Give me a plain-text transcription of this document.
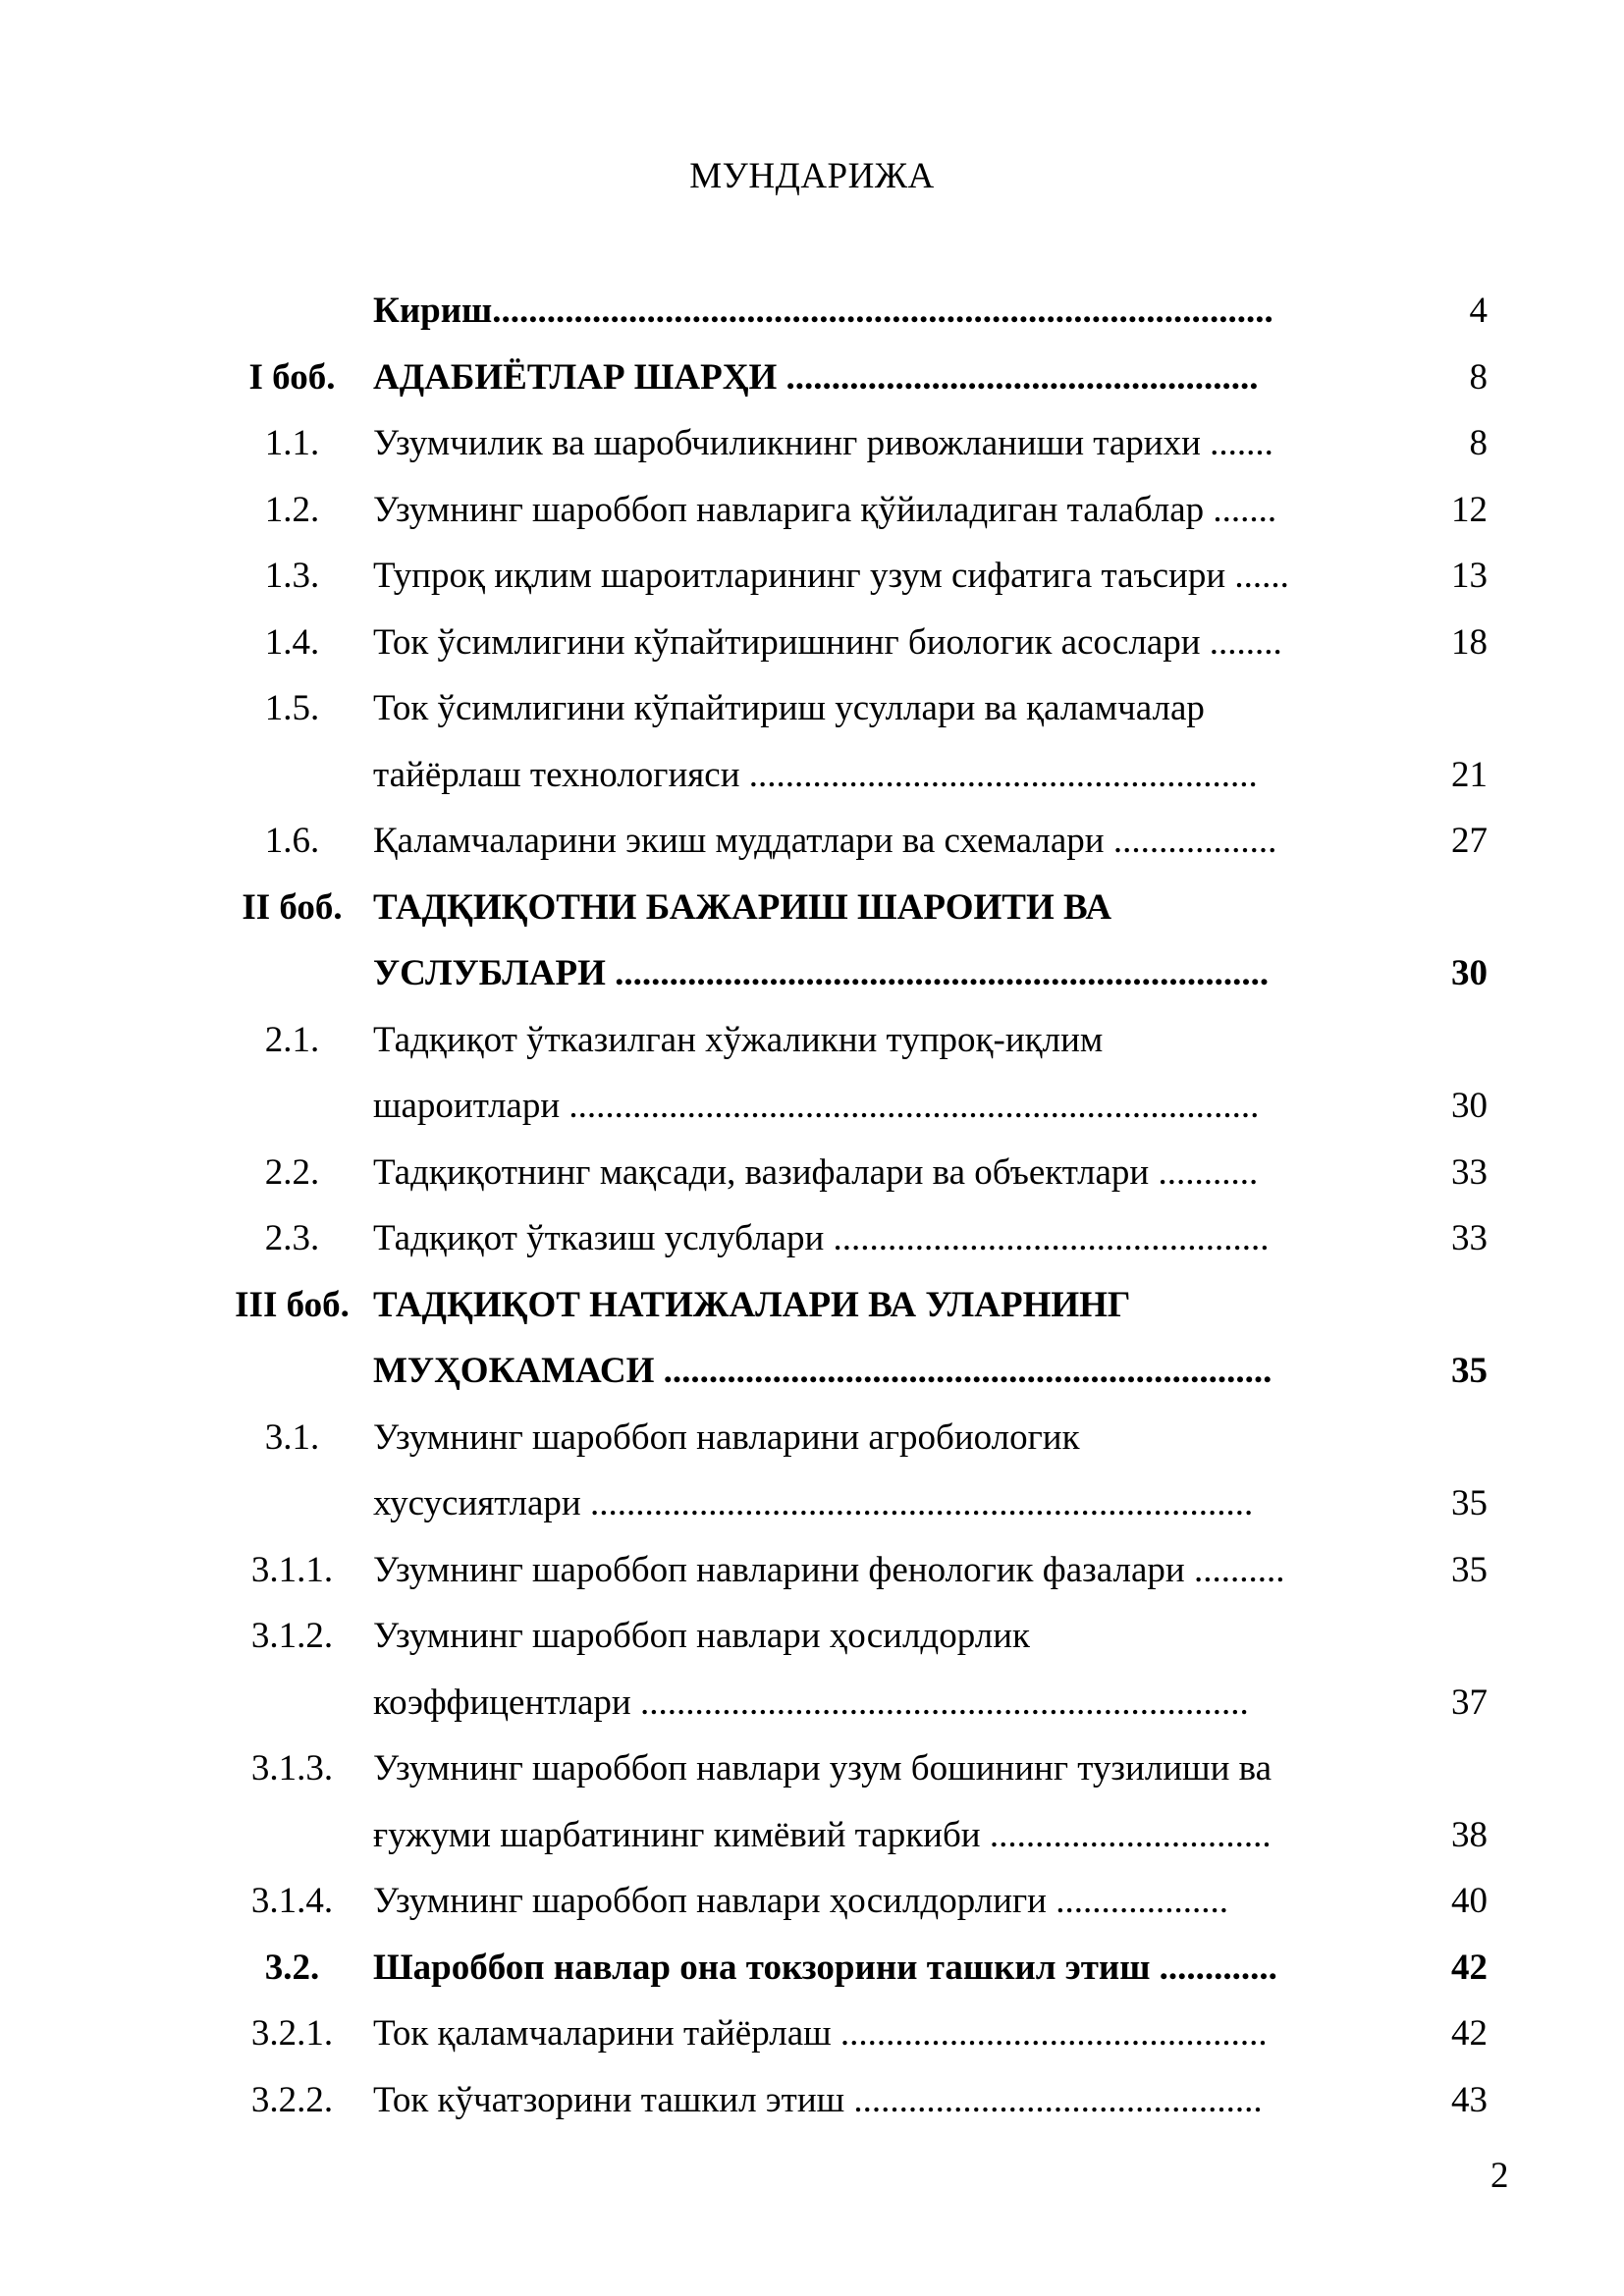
МУНДАРИЖА
Кириш......................................................................................	4
I боб.	АДАБИЁТЛАР ШАРҲИ ....................................................	8
1.1.	Узумчилик ва шаробчиликнинг ривожланиши тарихи .......	8
1.2.	Узумнинг шароббоп навларига қўйиладиган талаблар .......	12
1.3.	Тупроқ иқлим шароитларининг узум сифатига таъсири ......	13
1.4.	Ток ўсимлигини кўпайтиришнинг биологик асослари ........	18
1.5.	Ток ўсимлигини кўпайтириш усуллари ва қаламчалар
тайёрлаш технологияси ........................................................	21
1.6.	Қаламчаларини экиш муддатлари ва схемалари ..................	27
II боб. ТАДҚИҚОТНИ БАЖАРИШ ШАРОИТИ ВА
УСЛУБЛАРИ ........................................................................	30
2.1.	Тадқиқот ўтказилган хўжаликни тупроқ-иқлим
шароитлари ............................................................................	30
2.2.	Тадқиқотнинг мақсади, вазифалари ва объектлари ...........	33
2.3.	Тадқиқот ўтказиш услублари ................................................	33
III боб. ТАДҚИҚОТ НАТИЖАЛАРИ ВА УЛАРНИНГ
МУҲОКАМАСИ ...................................................................	35
3.1.	Узумнинг шароббоп навларини агробиологик
хусусиятлари .........................................................................	35
3.1.1.	Узумнинг шароббоп навларини фенологик фазалари ..........	35
3.1.2.	Узумнинг шароббоп навлари ҳосилдорлик
коэффицентлари ...................................................................	37
3.1.3.	Узумнинг шароббоп навлари узум бошининг тузилиши ва
ғужуми шарбатининг кимёвий таркиби ...............................	38
3.1.4.	Узумнинг шароббоп навлари ҳосилдорлиги ...................	40
3.2.	Шароббоп навлар она токзорини ташкил этиш .............	42
3.2.1.	Ток қаламчаларини тайёрлаш ...............................................	42
3.2.2.	Ток кўчатзорини ташкил этиш .............................................	43
2
